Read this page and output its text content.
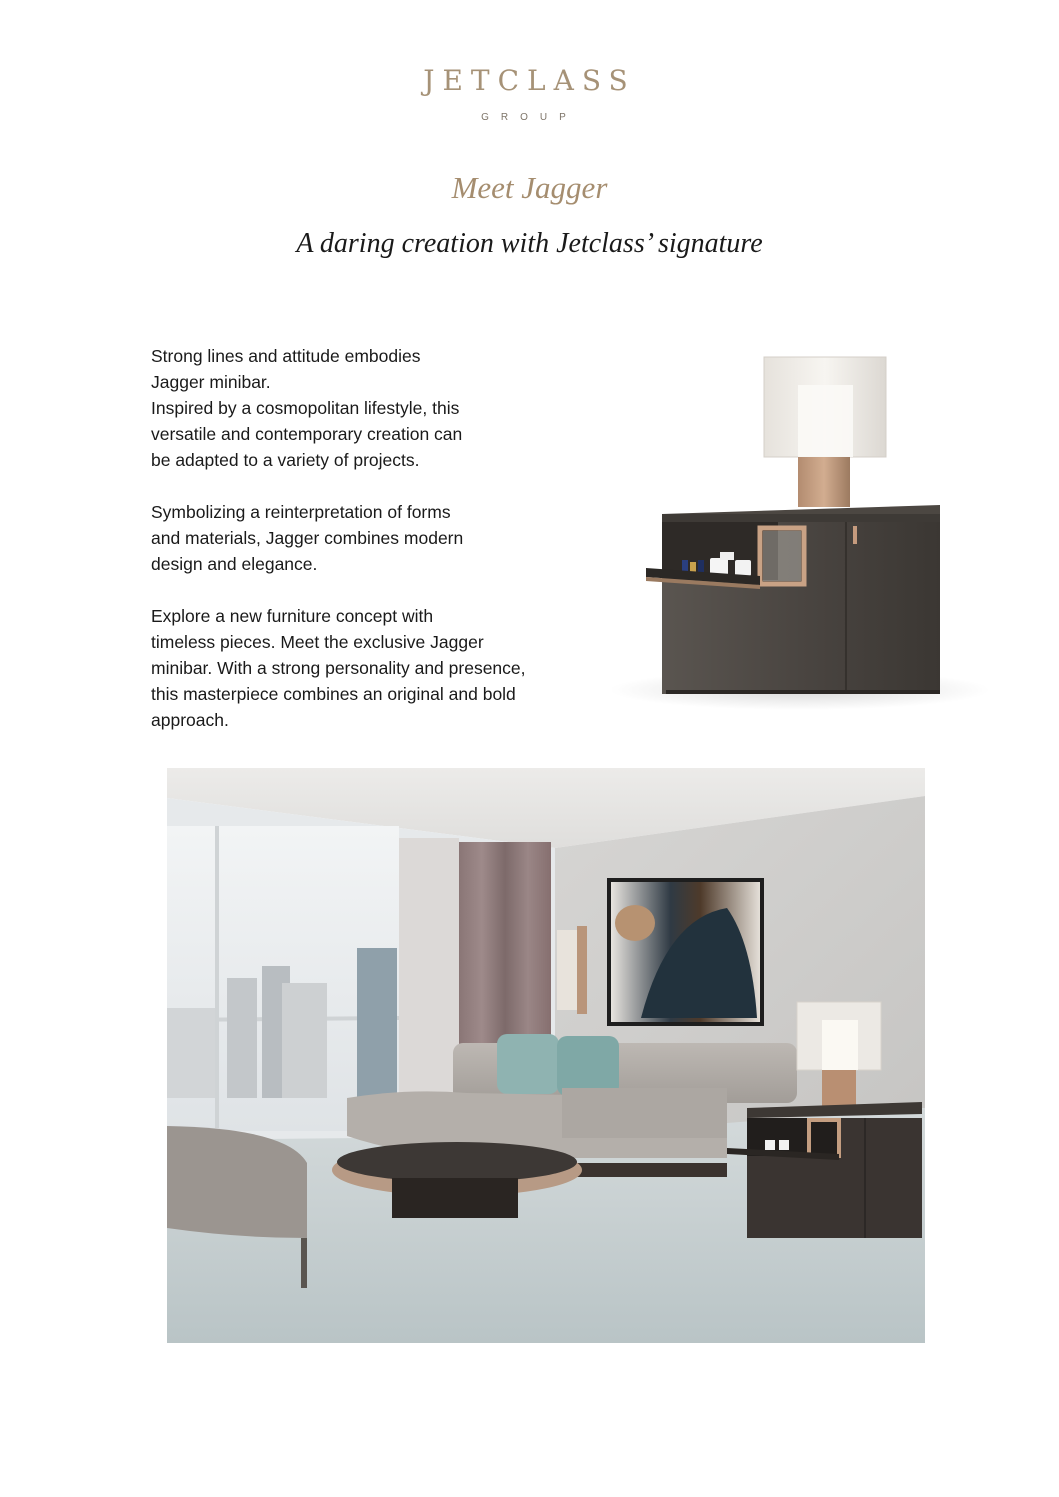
JETCLASS
GROUP
Meet Jagger
A daring creation with Jetclass’ signature

Strong lines and attitude embodies
Jagger minibar.
Inspired by a cosmopolitan lifestyle, this
versatile and contemporary creation can
be adapted to a variety of projects.

Symbolizing a reinterpretation of forms
and materials, Jagger combines modern
design and elegance.

Explore a new furniture concept with
timeless pieces. Meet the exclusive Jagger
minibar. With a strong personality and presence,
this masterpiece combines an original and bold
approach.
